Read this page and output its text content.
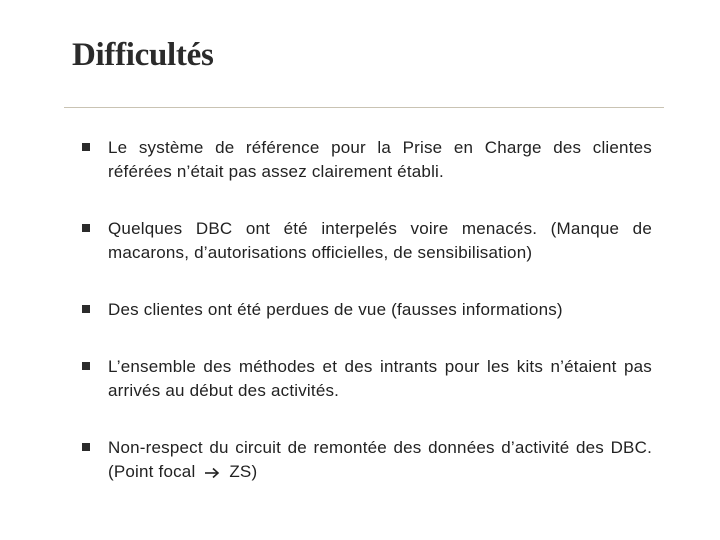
Difficultés
Le système de référence pour la Prise en Charge des clientes référées n’était pas assez clairement établi.
Quelques DBC ont été interpelés voire menacés. (Manque de macarons, d’autorisations officielles, de sensibilisation)
Des clientes ont été perdues de vue (fausses informations)
L’ensemble des méthodes et des intrants pour les kits n’étaient pas arrivés au début des activités.
Non-respect du circuit de remontée des données d’activité des DBC. (Point focal ZS)
